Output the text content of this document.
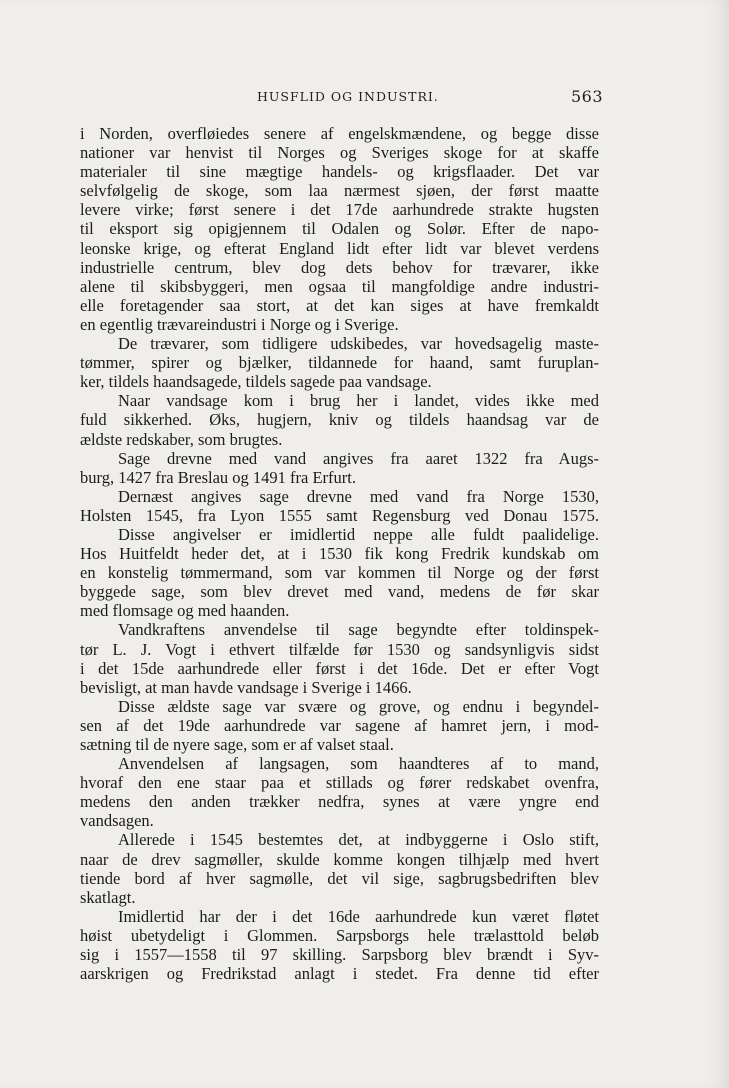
HUSFLID OG INDUSTRI.	563
i Norden, overfløiedes senere af engelskmændene, og begge disse
nationer var henvist til Norges og Sveriges skoge for at skaffe
materialer til sine mægtige handels- og krigsflaader. Det var
selvfølgelig de skoge, som laa nærmest sjøen, der først maatte
levere virke; først senere i det 17de aarhundrede strakte hugsten
til eksport sig opigjennem til Odalen og Solør. Efter de napo-
leonske krige, og efterat England lidt efter lidt var blevet verdens
industrielle centrum, blev dog dets behov for trævarer, ikke
alene til skibsbyggeri, men ogsaa til mangfoldige andre industri-
elle foretagender saa stort, at det kan siges at have fremkaldt
en egentlig trævareindustri i Norge og i Sverige.
De trævarer, som tidligere udskibedes, var hovedsagelig maste-
tømmer, spirer og bjælker, tildannede for haand, samt furuplan-
ker, tildels haandsagede, tildels sagede paa vandsage.
Naar vandsage kom i brug her i landet, vides ikke med
fuld sikkerhed. Øks, hugjern, kniv og tildels haandsag var de
ældste redskaber, som brugtes.
Sage drevne med vand angives fra aaret 1322 fra Augs-
burg, 1427 fra Breslau og 1491 fra Erfurt.
Dernæst angives sage drevne med vand fra Norge 1530,
Holsten 1545, fra Lyon 1555 samt Regensburg ved Donau 1575.
Disse angivelser er imidlertid neppe alle fuldt paalidelige.
Hos Huitfeldt heder det, at i 1530 fik kong Fredrik kundskab om
en konstelig tømmermand, som var kommen til Norge og der først
byggede sage, som blev drevet med vand, medens de før skar
med flomsage og med haanden.
Vandkraftens anvendelse til sage begyndte efter toldinspek-
tør L. J. Vogt i ethvert tilfælde før 1530 og sandsynligvis sidst
i det 15de aarhundrede eller først i det 16de. Det er efter Vogt
bevisligt, at man havde vandsage i Sverige i 1466.
Disse ældste sage var svære og grove, og endnu i begyndel-
sen af det 19de aarhundrede var sagene af hamret jern, i mod-
sætning til de nyere sage, som er af valset staal.
Anvendelsen af langsagen, som haandteres af to mand,
hvoraf den ene staar paa et stillads og fører redskabet ovenfra,
medens den anden trækker nedfra, synes at være yngre end
vandsagen.
Allerede i 1545 bestemtes det, at indbyggerne i Oslo stift,
naar de drev sagmøller, skulde komme kongen tilhjælp med hvert
tiende bord af hver sagmølle, det vil sige, sagbrugsbedriften blev
skatlagt.
Imidlertid har der i det 16de aarhundrede kun været fløtet
høist ubetydeligt i Glommen. Sarpsborgs hele trælasttold beløb
sig i 1557—1558 til 97 skilling. Sarpsborg blev brændt i Syv-
aarskrigen og Fredrikstad anlagt i stedet. Fra denne tid efter
